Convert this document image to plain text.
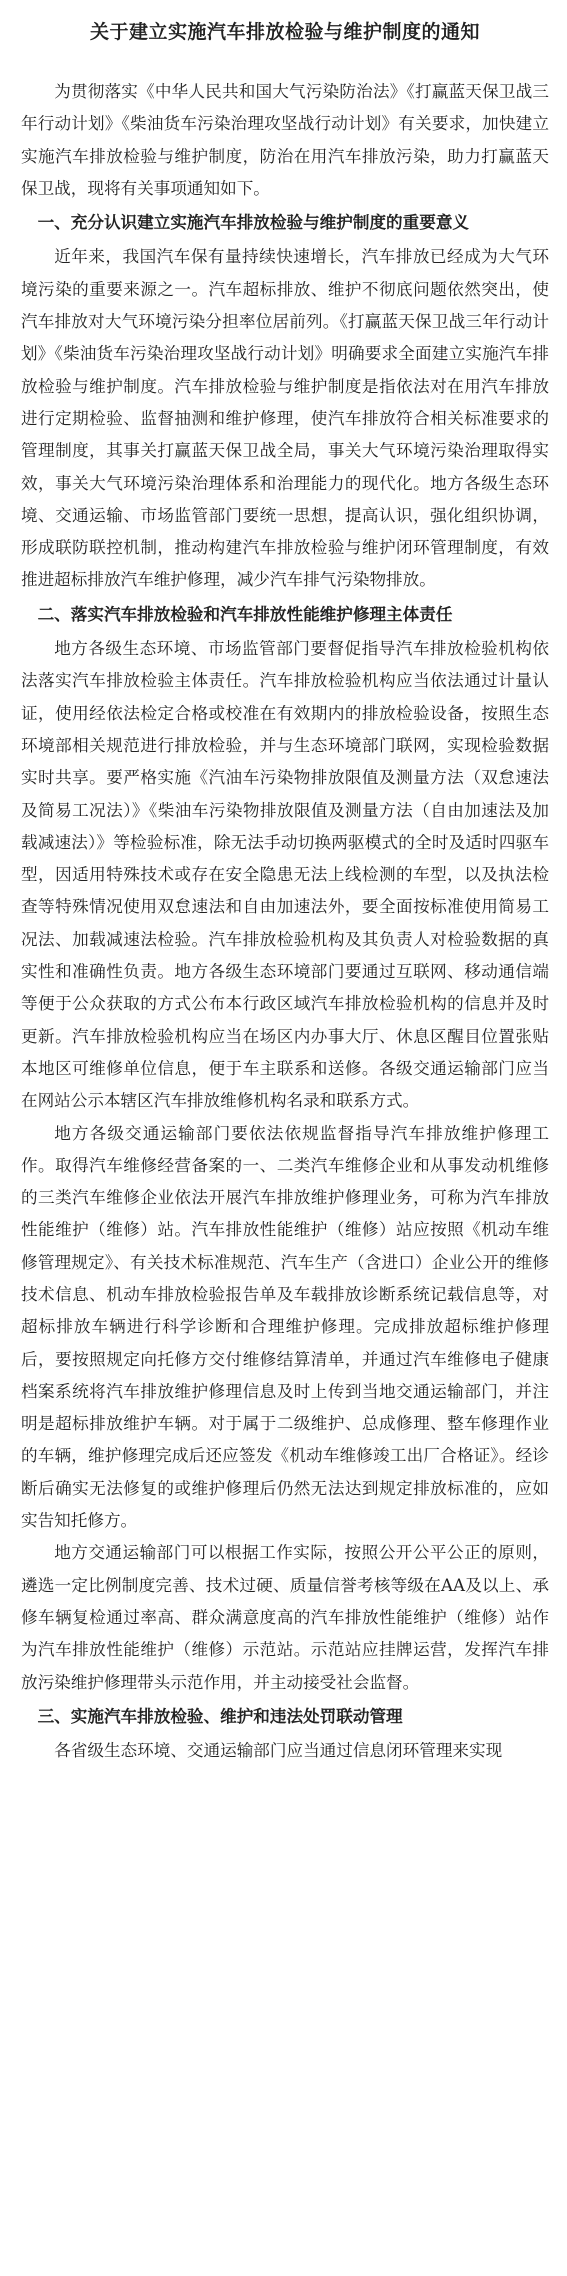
关于建立实施汽车排放检验与维护制度的通知

为贯彻落实《中华人民共和国大气污染防治法》《打赢蓝天保卫战三年行动计划》《柴油货车污染治理攻坚战行动计划》有关要求，加快建立实施汽车排放检验与维护制度，防治在用汽车排放污染，助力打赢蓝天保卫战，现将有关事项通知如下。

一、充分认识建立实施汽车排放检验与维护制度的重要意义

近年来，我国汽车保有量持续快速增长，汽车排放已经成为大气环境污染的重要来源之一。汽车超标排放、维护不彻底问题依然突出，使汽车排放对大气环境污染分担率位居前列。《打赢蓝天保卫战三年行动计划》《柴油货车污染治理攻坚战行动计划》明确要求全面建立实施汽车排放检验与维护制度。汽车排放检验与维护制度是指依法对在用汽车排放进行定期检验、监督抽测和维护修理，使汽车排放符合相关标准要求的管理制度，其事关打赢蓝天保卫战全局，事关大气环境污染治理取得实效，事关大气环境污染治理体系和治理能力的现代化。地方各级生态环境、交通运输、市场监管部门要统一思想，提高认识，强化组织协调，形成联防联控机制，推动构建汽车排放检验与维护闭环管理制度，有效推进超标排放汽车维护修理，减少汽车排气污染物排放。

二、落实汽车排放检验和汽车排放性能维护修理主体责任

地方各级生态环境、市场监管部门要督促指导汽车排放检验机构依法落实汽车排放检验主体责任。汽车排放检验机构应当依法通过计量认证，使用经依法检定合格或校准在有效期内的排放检验设备，按照生态环境部相关规范进行排放检验，并与生态环境部门联网，实现检验数据实时共享。要严格实施《汽油车污染物排放限值及测量方法（双怠速法及简易工况法）》《柴油车污染物排放限值及测量方法（自由加速法及加载减速法）》等检验标准，除无法手动切换两驱模式的全时及适时四驱车型，因适用特殊技术或存在安全隐患无法上线检测的车型，以及执法检查等特殊情况使用双怠速法和自由加速法外，要全面按标准使用简易工况法、加载减速法检验。汽车排放检验机构及其负责人对检验数据的真实性和准确性负责。地方各级生态环境部门要通过互联网、移动通信端等便于公众获取的方式公布本行政区域汽车排放检验机构的信息并及时更新。汽车排放检验机构应当在场区内办事大厅、休息区醒目位置张贴本地区可维修单位信息，便于车主联系和送修。各级交通运输部门应当在网站公示本辖区汽车排放维修机构名录和联系方式。

地方各级交通运输部门要依法依规监督指导汽车排放维护修理工作。取得汽车维修经营备案的一、二类汽车维修企业和从事发动机维修的三类汽车维修企业依法开展汽车排放维护修理业务，可称为汽车排放性能维护（维修）站。汽车排放性能维护（维修）站应按照《机动车维修管理规定》、有关技术标准规范、汽车生产（含进口）企业公开的维修技术信息、机动车排放检验报告单及车载排放诊断系统记载信息等，对超标排放车辆进行科学诊断和合理维护修理。完成排放超标维护修理后，要按照规定向托修方交付维修结算清单，并通过汽车维修电子健康档案系统将汽车排放维护修理信息及时上传到当地交通运输部门，并注明是超标排放维护车辆。对于属于二级维护、总成修理、整车修理作业的车辆，维护修理完成后还应签发《机动车维修竣工出厂合格证》。经诊断后确实无法修复的或维护修理后仍然无法达到规定排放标准的，应如实告知托修方。

地方交通运输部门可以根据工作实际，按照公开公平公正的原则，遴选一定比例制度完善、技术过硬、质量信誉考核等级在AA及以上、承修车辆复检通过率高、群众满意度高的汽车排放性能维护（维修）站作为汽车排放性能维护（维修）示范站。示范站应挂牌运营，发挥汽车排放污染维护修理带头示范作用，并主动接受社会监督。

三、实施汽车排放检验、维护和违法处罚联动管理

各省级生态环境、交通运输部门应当通过信息闭环管理来实现
